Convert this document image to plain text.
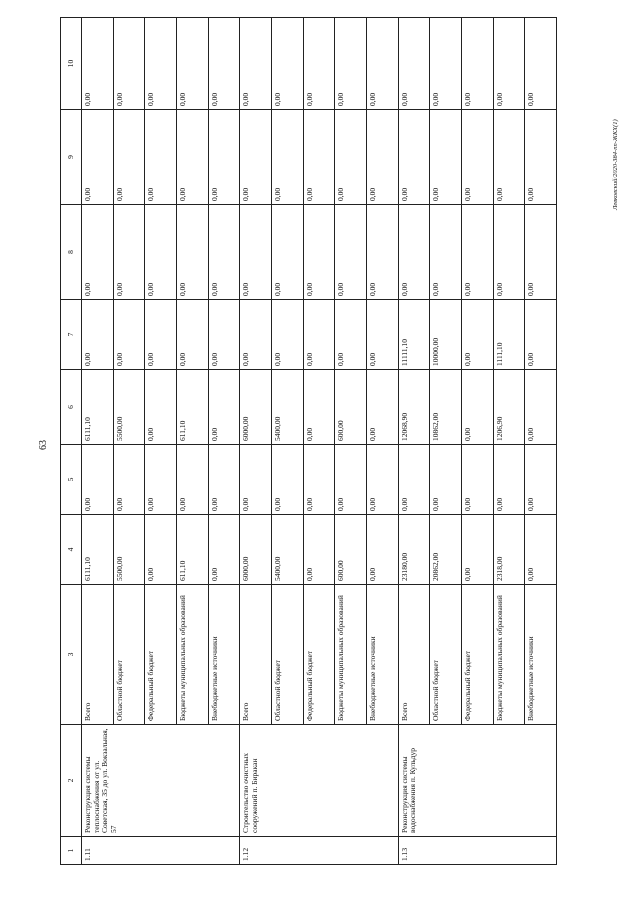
63
Левковский/2020-384-пп-ЖКХ(1)
1	2	3	4	5	6	7	8	9	10
1.11	Реконструкция системы теплоснабжения от ул. Советская, 35 до ул. Вокзальная, 57	Всего	6111,10	0,00	6111,10	0,00	0,00	0,00	0,00
		Областной бюджет	5500,00	0,00	5500,00	0,00	0,00	0,00	0,00
		Федеральный бюджет	0,00	0,00	0,00	0,00	0,00	0,00	0,00
		Бюджеты муниципальных образований	611,10	0,00	611,10	0,00	0,00	0,00	0,00
		Внебюджетные источники	0,00	0,00	0,00	0,00	0,00	0,00	0,00
1.12	Строительство очистных сооружений п. Биракан	Всего	6000,00	0,00	6000,00	0,00	0,00	0,00	0,00
		Областной бюджет	5400,00	0,00	5400,00	0,00	0,00	0,00	0,00
		Федеральный бюджет	0,00	0,00	0,00	0,00	0,00	0,00	0,00
		Бюджеты муниципальных образований	600,00	0,00	600,00	0,00	0,00	0,00	0,00
		Внебюджетные источники	0,00	0,00	0,00	0,00	0,00	0,00	0,00
1.13	Реконструкция системы водоснабжения п. Кульдур	Всего	23180,00	0,00	12068,90	11111,10	0,00	0,00	0,00
		Областной бюджет	20862,00	0,00	10862,00	10000,00	0,00	0,00	0,00
		Федеральный бюджет	0,00	0,00	0,00	0,00	0,00	0,00	0,00
		Бюджеты муниципальных образований	2318,00	0,00	1206,90	1111,10	0,00	0,00	0,00
		Внебюджетные источники	0,00	0,00	0,00	0,00	0,00	0,00	0,00
